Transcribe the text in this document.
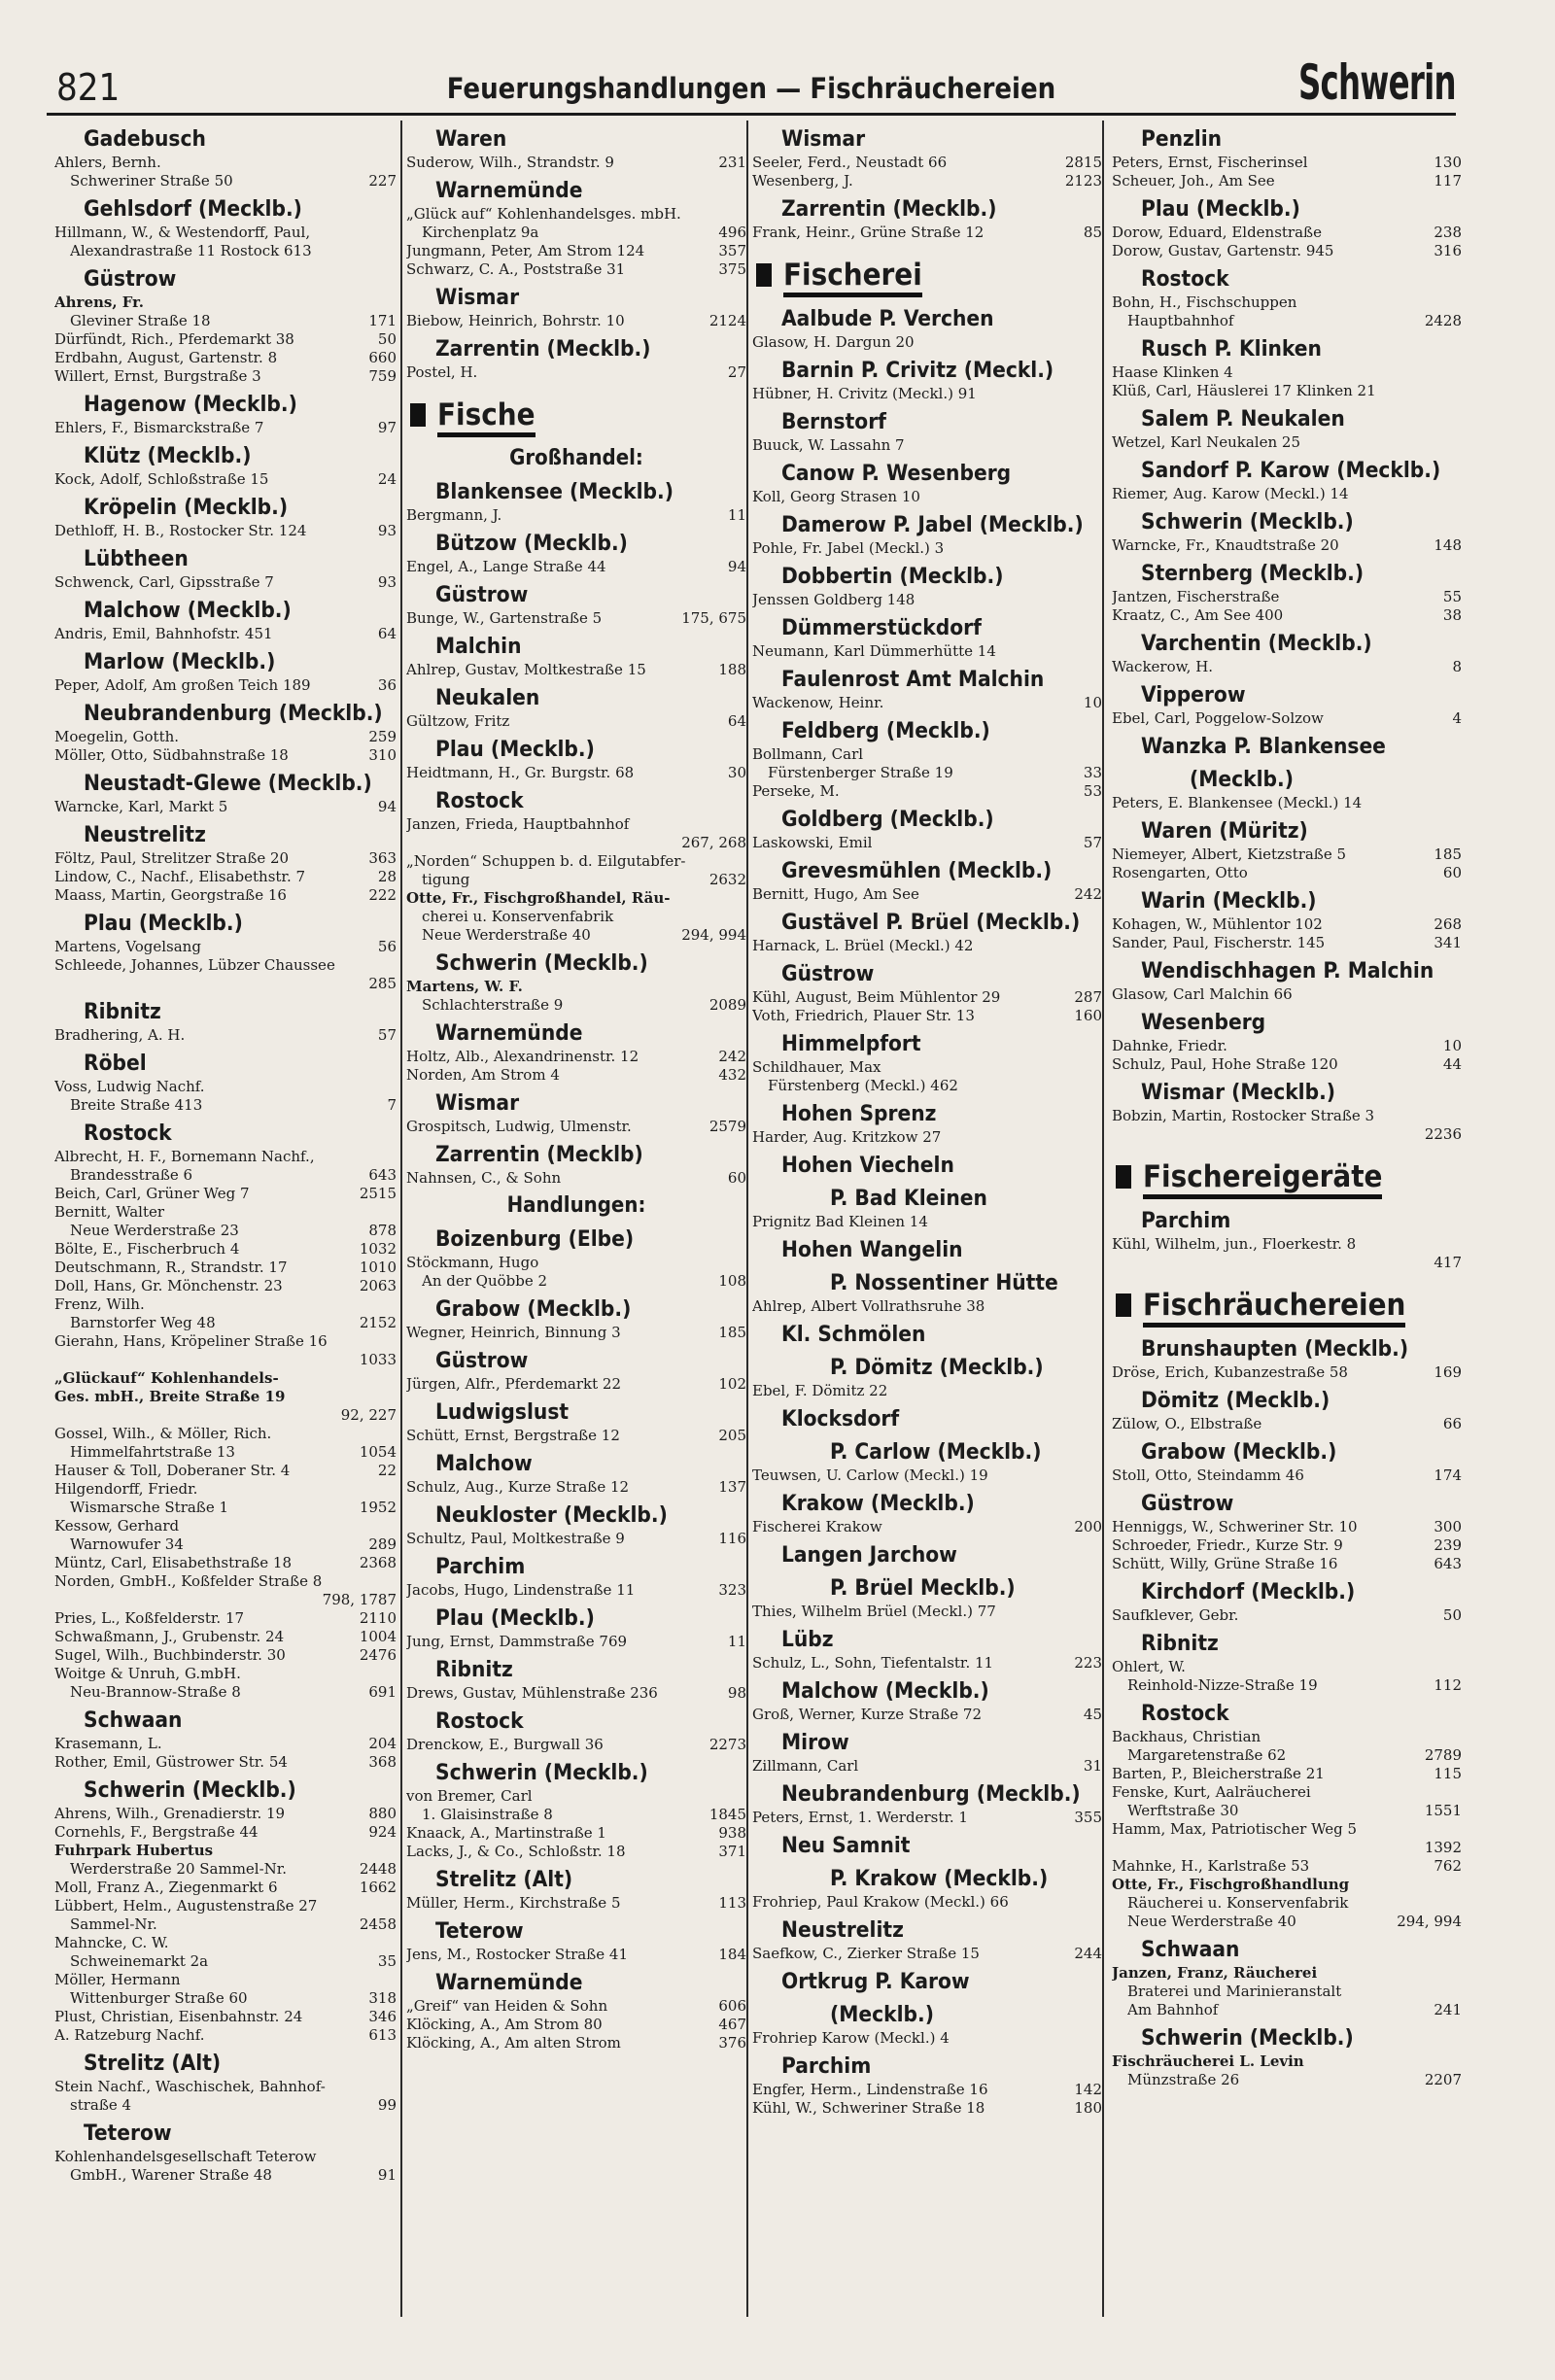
821	Feuerungshandlungen — Fischräuchereien	Schwerin
Gadebusch
Ahlers, Bernh.
Schweriner Straße 50	227
Gehlsdorf (Mecklb.)
Hillmann, W., & Westendorff, Paul,
Alexandrastraße 11 Rostock 613
Güstrow
Ahrens, Fr.
Gleviner Straße 18	171
Dürfündt, Rich., Pferdemarkt 38	50
Erdbahn, August, Gartenstr. 8	660
Willert, Ernst, Burgstraße 3	759
Hagenow (Mecklb.)
Ehlers, F., Bismarckstraße 7	97
Klütz (Mecklb.)
Kock, Adolf, Schloßstraße 15	24
Kröpelin (Mecklb.)
Dethloff, H. B., Rostocker Str. 124	93
Lübtheen
Schwenck, Carl, Gipsstraße 7	93
Malchow (Mecklb.)
Andris, Emil, Bahnhofstr. 451	64
Marlow (Mecklb.)
Peper, Adolf, Am großen Teich 189	36
Neubrandenburg (Mecklb.)
Moegelin, Gotth.	259
Möller, Otto, Südbahnstraße 18	310
Neustadt-Glewe (Mecklb.)
Warncke, Karl, Markt 5	94
Neustrelitz
Föltz, Paul, Strelitzer Straße 20	363
Lindow, C., Nachf., Elisabethstr. 7	28
Maass, Martin, Georgstraße 16	222
Plau (Mecklb.)
Martens, Vogelsang	56
Schleede, Johannes, Lübzer Chaussee

285
Ribnitz
Bradhering, A. H.	57
Röbel
Voss, Ludwig Nachf.
Breite Straße 413	7
Rostock
Albrecht, H. F., Bornemann Nachf.,
Brandesstraße 6	643
Beich, Carl, Grüner Weg 7	2515
Bernitt, Walter
Neue Werderstraße 23	878
Bölte, E., Fischerbruch 4	1032
Deutschmann, R., Strandstr. 17	1010
Doll, Hans, Gr. Mönchenstr. 23	2063
Frenz, Wilh.
Barnstorfer Weg 48	2152
Gierahn, Hans, Kröpeliner Straße 16

1033
„Glückauf“ Kohlenhandels-
Ges. mbH., Breite Straße 19

92, 227
Gossel, Wilh., & Möller, Rich.
Himmelfahrtstraße 13	1054
Hauser & Toll, Doberaner Str. 4	22
Hilgendorff, Friedr.
Wismarsche Straße 1	1952
Kessow, Gerhard
Warnowufer 34	289
Müntz, Carl, Elisabethstraße 18	2368
Norden, GmbH., Koßfelder Straße 8

798, 1787
Pries, L., Koßfelderstr. 17	2110
Schwaßmann, J., Grubenstr. 24	1004
Sugel, Wilh., Buchbinderstr. 30	2476
Woitge & Unruh, G.mbH.
Neu-Brannow-Straße 8	691
Schwaan
Krasemann, L.	204
Rother, Emil, Güstrower Str. 54	368
Schwerin (Mecklb.)
Ahrens, Wilh., Grenadierstr. 19	880
Cornehls, F., Bergstraße 44	924
Fuhrpark Hubertus
Werderstraße 20 Sammel-Nr.	2448
Moll, Franz A., Ziegenmarkt 6	1662
Lübbert, Helm., Augustenstraße 27
Sammel-Nr.	2458
Mahncke, C. W.
Schweinemarkt 2a	35
Möller, Hermann
Wittenburger Straße 60	318
Plust, Christian, Eisenbahnstr. 24	346
A. Ratzeburg Nachf.	613
Strelitz (Alt)
Stein Nachf., Waschischek, Bahnhof-
straße 4	99
Teterow
Kohlenhandelsgesellschaft Teterow
GmbH., Warener Straße 48	91
Waren
Suderow, Wilh., Strandstr. 9	231
Warnemünde
„Glück auf“ Kohlenhandelsges. mbH.
Kirchenplatz 9a	496
Jungmann, Peter, Am Strom 124	357
Schwarz, C. A., Poststraße 31	375
Wismar
Biebow, Heinrich, Bohrstr. 10	2124
Zarrentin (Mecklb.)
Postel, H.	27
Fische
Großhandel:
Blankensee (Mecklb.)
Bergmann, J.	11
Bützow (Mecklb.)
Engel, A., Lange Straße 44	94
Güstrow
Bunge, W., Gartenstraße 5	175, 675
Malchin
Ahlrep, Gustav, Moltkestraße 15	188
Neukalen
Gültzow, Fritz	64
Plau (Mecklb.)
Heidtmann, H., Gr. Burgstr. 68	30
Rostock
Janzen, Frieda, Hauptbahnhof

267, 268
„Norden“ Schuppen b. d. Eilgutabfer-
tigung	2632
Otte, Fr., Fischgroßhandel, Räu-
cherei u. Konservenfabrik
Neue Werderstraße 40	294, 994
Schwerin (Mecklb.)
Martens, W. F.
Schlachterstraße 9	2089
Warnemünde
Holtz, Alb., Alexandrinenstr. 12	242
Norden, Am Strom 4	432
Wismar
Grospitsch, Ludwig, Ulmenstr.	2579
Zarrentin (Mecklb)
Nahnsen, C., & Sohn	60
Handlungen:
Boizenburg (Elbe)
Stöckmann, Hugo
An der Quöbbe 2	108
Grabow (Mecklb.)
Wegner, Heinrich, Binnung 3	185
Güstrow
Jürgen, Alfr., Pferdemarkt 22	102
Ludwigslust
Schütt, Ernst, Bergstraße 12	205
Malchow
Schulz, Aug., Kurze Straße 12	137
Neukloster (Mecklb.)
Schultz, Paul, Moltkestraße 9	116
Parchim
Jacobs, Hugo, Lindenstraße 11	323
Plau (Mecklb.)
Jung, Ernst, Dammstraße 769	11
Ribnitz
Drews, Gustav, Mühlenstraße 236	98
Rostock
Drenckow, E., Burgwall 36	2273
Schwerin (Mecklb.)
von Bremer, Carl
1. Glaisinstraße 8	1845
Knaack, A., Martinstraße 1	938
Lacks, J., & Co., Schloßstr. 18	371
Strelitz (Alt)
Müller, Herm., Kirchstraße 5	113
Teterow
Jens, M., Rostocker Straße 41	184
Warnemünde
„Greif“ van Heiden & Sohn	606
Klöcking, A., Am Strom 80	467
Klöcking, A., Am alten Strom	376
Wismar
Seeler, Ferd., Neustadt 66	2815
Wesenberg, J.	2123
Zarrentin (Mecklb.)
Frank, Heinr., Grüne Straße 12	85
Fischerei
Aalbude P. Verchen
Glasow, H. Dargun 20
Barnin P. Crivitz (Meckl.)
Hübner, H. Crivitz (Meckl.) 91
Bernstorf
Buuck, W. Lassahn 7
Canow P. Wesenberg
Koll, Georg Strasen 10
Damerow P. Jabel (Mecklb.)
Pohle, Fr. Jabel (Meckl.) 3
Dobbertin (Mecklb.)
Jenssen Goldberg 148
Dümmerstückdorf
Neumann, Karl Dümmerhütte 14
Faulenrost Amt Malchin
Wackenow, Heinr.	10
Feldberg (Mecklb.)
Bollmann, Carl
Fürstenberger Straße 19	33
Perseke, M.	53
Goldberg (Mecklb.)
Laskowski, Emil	57
Grevesmühlen (Mecklb.)
Bernitt, Hugo, Am See	242
Gustävel P. Brüel (Mecklb.)
Harnack, L. Brüel (Meckl.) 42
Güstrow
Kühl, August, Beim Mühlentor 29	287
Voth, Friedrich, Plauer Str. 13	160
Himmelpfort
Schildhauer, Max
Fürstenberg (Meckl.) 462
Hohen Sprenz
Harder, Aug. Kritzkow 27
Hohen Viecheln
P. Bad Kleinen
Prignitz Bad Kleinen 14
Hohen Wangelin
P. Nossentiner Hütte
Ahlrep, Albert Vollrathsruhe 38
Kl. Schmölen
P. Dömitz (Mecklb.)
Ebel, F. Dömitz 22
Klocksdorf
P. Carlow (Mecklb.)
Teuwsen, U. Carlow (Meckl.) 19
Krakow (Mecklb.)
Fischerei Krakow	200
Langen Jarchow
P. Brüel Mecklb.)
Thies, Wilhelm Brüel (Meckl.) 77
Lübz
Schulz, L., Sohn, Tiefentalstr. 11	223
Malchow (Mecklb.)
Groß, Werner, Kurze Straße 72	45
Mirow
Zillmann, Carl	31
Neubrandenburg (Mecklb.)
Peters, Ernst, 1. Werderstr. 1	355
Neu Samnit
P. Krakow (Mecklb.)
Frohriep, Paul Krakow (Meckl.) 66
Neustrelitz
Saefkow, C., Zierker Straße 15	244
Ortkrug P. Karow
(Mecklb.)
Frohriep Karow (Meckl.) 4
Parchim
Engfer, Herm., Lindenstraße 16	142
Kühl, W., Schweriner Straße 18	180
Penzlin
Peters, Ernst, Fischerinsel	130
Scheuer, Joh., Am See	117
Plau (Mecklb.)
Dorow, Eduard, Eldenstraße	238
Dorow, Gustav, Gartenstr. 945	316
Rostock
Bohn, H., Fischschuppen
Hauptbahnhof	2428
Rusch P. Klinken
Haase Klinken 4
Klüß, Carl, Häuslerei 17 Klinken 21
Salem P. Neukalen
Wetzel, Karl Neukalen 25
Sandorf P. Karow (Mecklb.)
Riemer, Aug. Karow (Meckl.) 14
Schwerin (Mecklb.)
Warncke, Fr., Knaudtstraße 20	148
Sternberg (Mecklb.)
Jantzen, Fischerstraße	55
Kraatz, C., Am See 400	38
Varchentin (Mecklb.)
Wackerow, H.	8
Vipperow
Ebel, Carl, Poggelow-Solzow	4
Wanzka P. Blankensee
(Mecklb.)
Peters, E. Blankensee (Meckl.) 14
Waren (Müritz)
Niemeyer, Albert, Kietzstraße 5	185
Rosengarten, Otto	60
Warin (Mecklb.)
Kohagen, W., Mühlentor 102	268
Sander, Paul, Fischerstr. 145	341
Wendischhagen P. Malchin
Glasow, Carl Malchin 66
Wesenberg
Dahnke, Friedr.	10
Schulz, Paul, Hohe Straße 120	44
Wismar (Mecklb.)
Bobzin, Martin, Rostocker Straße 3

2236
Fischereigeräte
Parchim
Kühl, Wilhelm, jun., Floerkestr. 8

417
Fischräuchereien
Brunshaupten (Mecklb.)
Dröse, Erich, Kubanzestraße 58	169
Dömitz (Mecklb.)
Zülow, O., Elbstraße	66
Grabow (Mecklb.)
Stoll, Otto, Steindamm 46	174
Güstrow
Henniggs, W., Schweriner Str. 10	300
Schroeder, Friedr., Kurze Str. 9	239
Schütt, Willy, Grüne Straße 16	643
Kirchdorf (Mecklb.)
Saufklever, Gebr.	50
Ribnitz
Ohlert, W.
Reinhold-Nizze-Straße 19	112
Rostock
Backhaus, Christian
Margaretenstraße 62	2789
Barten, P., Bleicherstraße 21	115
Fenske, Kurt, Aalräucherei
Werftstraße 30	1551
Hamm, Max, Patriotischer Weg 5

1392
Mahnke, H., Karlstraße 53	762
Otte, Fr., Fischgroßhandlung
Räucherei u. Konservenfabrik
Neue Werderstraße 40	294, 994
Schwaan
Janzen, Franz, Räucherei
Braterei und Marinieranstalt
Am Bahnhof	241
Schwerin (Mecklb.)
Fischräucherei L. Levin
Münzstraße 26	2207
